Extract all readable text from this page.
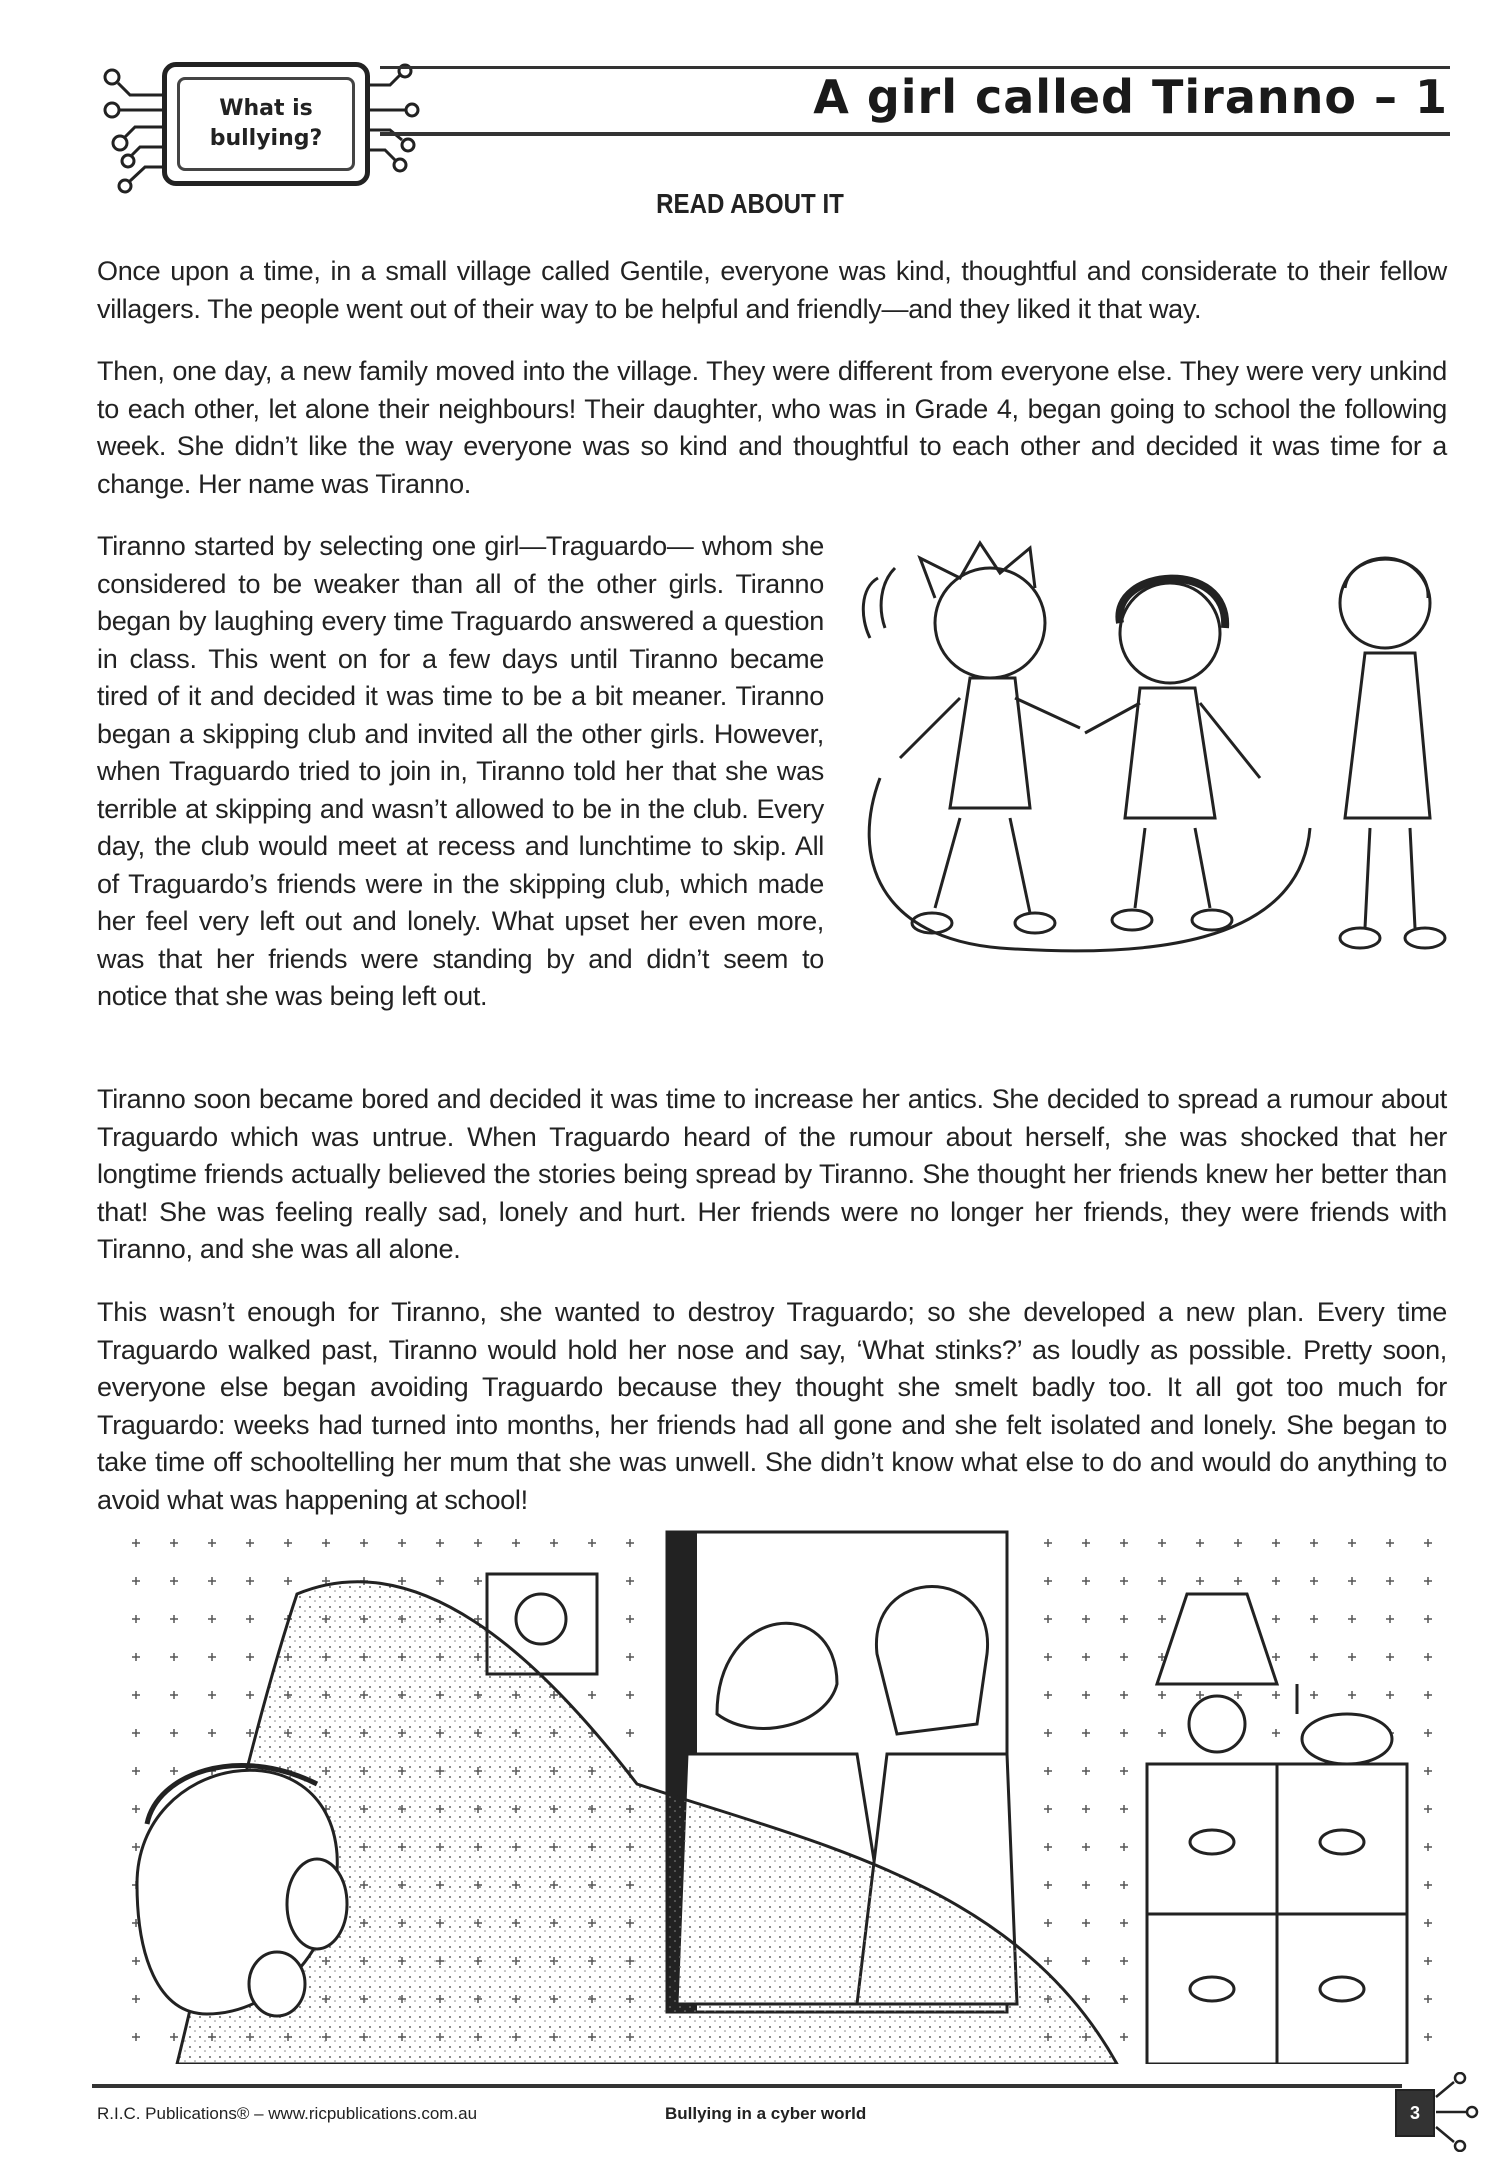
What is
bullying?
A girl called Tiranno – 1
READ ABOUT IT

Once upon a time, in a small village called Gentile, everyone was kind, thoughtful and considerate to their fellow villagers. The people went out of their way to be helpful and friendly—and they liked it that way.

Then, one day, a new family moved into the village. They were different from everyone else. They were very unkind to each other, let alone their neighbours! Their daughter, who was in Grade 4, began going to school the following week. She didn’t like the way everyone was so kind and thoughtful to each other and decided it was time for a change. Her name was Tiranno.

Tiranno started by selecting one girl—Traguardo— whom she considered to be weaker than all of the other girls. Tiranno began by laughing every time Traguardo answered a question in class. This went on for a few days until Tiranno became tired of it and decided it was time to be a bit meaner. Tiranno began a skipping club and invited all the other girls. However, when Traguardo tried to join in, Tiranno told her that she was terrible at skipping and wasn’t allowed to be in the club. Every day, the club would meet at recess and lunchtime to skip. All of Traguardo’s friends were in the skipping club, which made her feel very left out and lonely. What upset her even more, was that her friends were standing by and didn’t seem to notice that she was being left out.

Tiranno soon became bored and decided it was time to increase her antics. She decided to spread a rumour about Traguardo which was untrue. When Traguardo heard of the rumour about herself, she was shocked that her longtime friends actually believed the stories being spread by Tiranno. She thought her friends knew her better than that! She was feeling really sad, lonely and hurt. Her friends were no longer her friends, they were friends with Tiranno, and she was all alone.

This wasn’t enough for Tiranno, she wanted to destroy Traguardo; so she developed a new plan. Every time Traguardo walked past, Tiranno would hold her nose and say, ‘What stinks?’ as loudly as possible. Pretty soon, everyone else began avoiding Traguardo because they thought she smelt badly too. It all got too much for Traguardo: weeks had turned into months, her friends had all gone and she felt isolated and lonely. She began to take time off schooltelling her mum that she was unwell. She didn’t know what else to do and would do anything to avoid what was happening at school!

R.I.C. Publications® – www.ricpublications.com.au	Bullying in a cyber world	3
